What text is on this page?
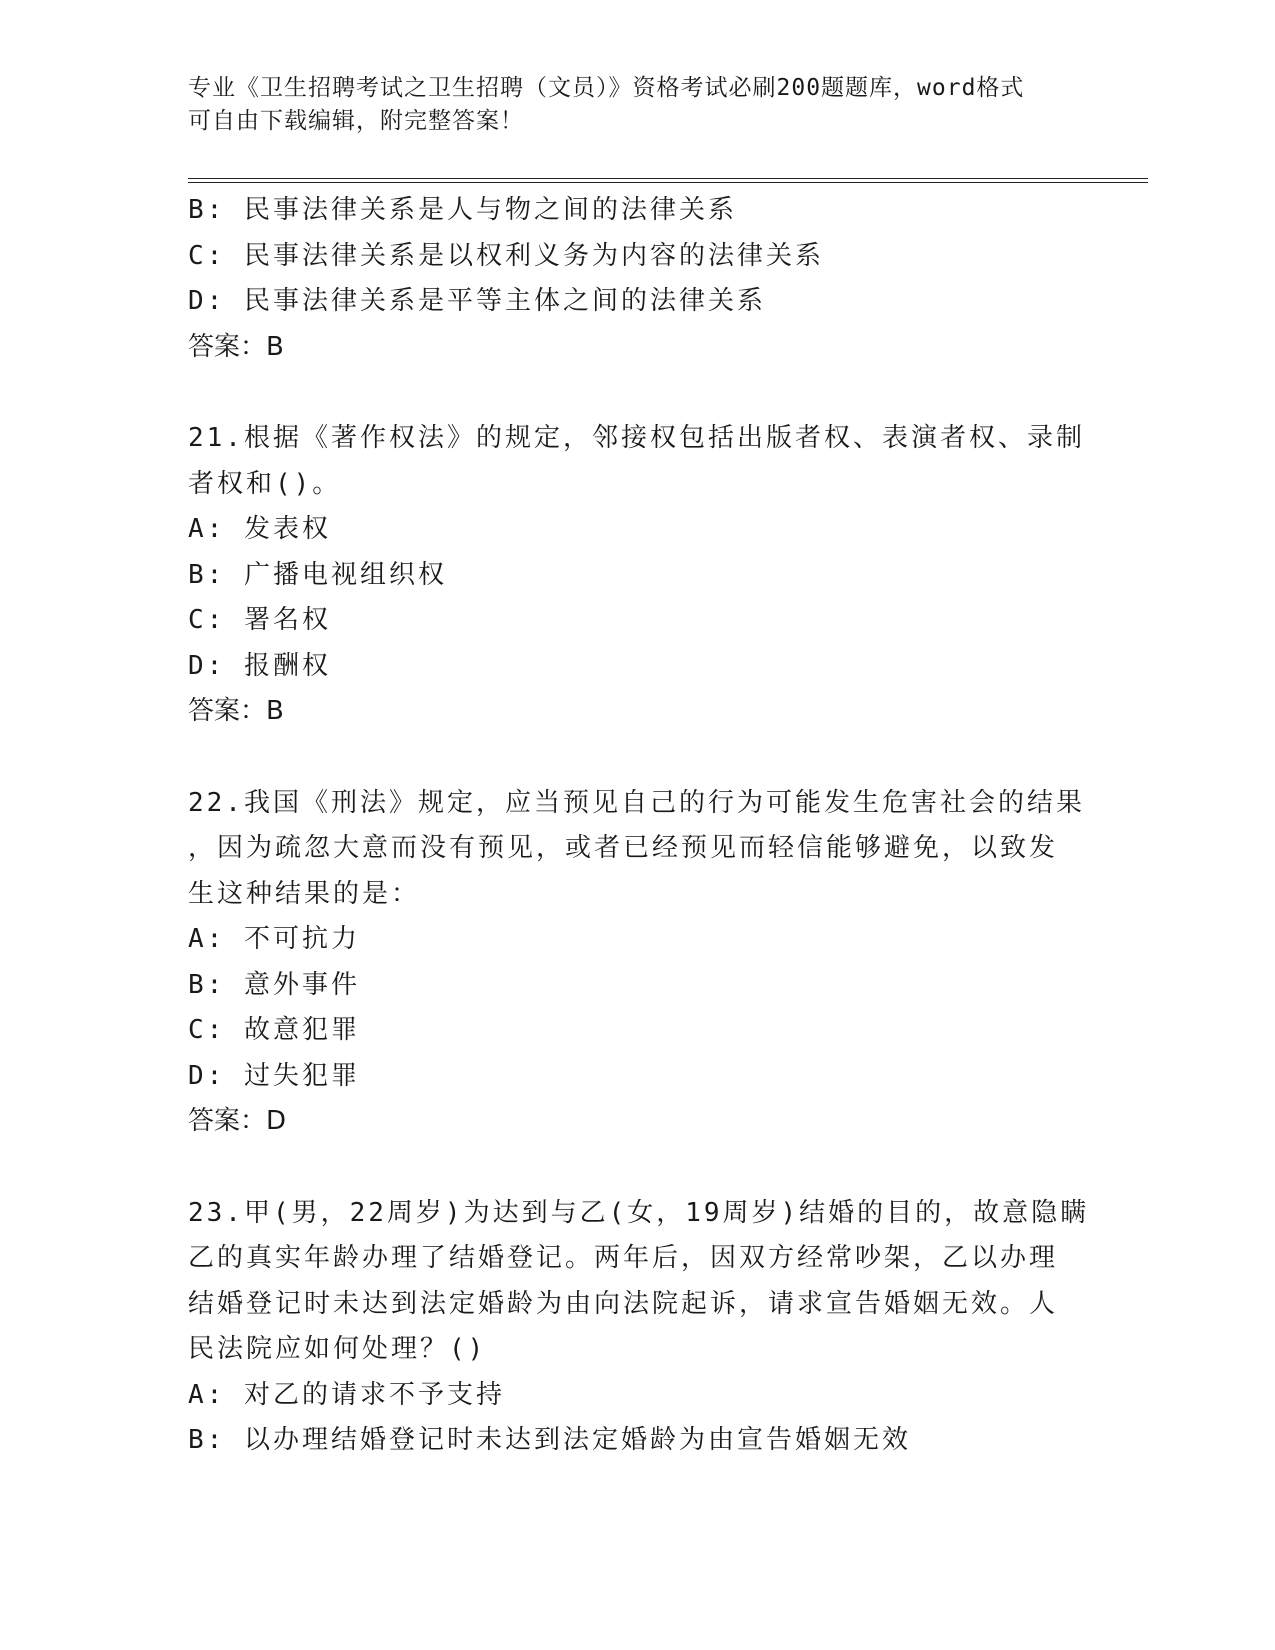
专业《卫生招聘考试之卫生招聘（文员）》资格考试必刷200题题库，word格式
可自由下载编辑，附完整答案！
B: 民事法律关系是人与物之间的法律关系
C: 民事法律关系是以权利义务为内容的法律关系
D: 民事法律关系是平等主体之间的法律关系
答案：B
21.根据《著作权法》的规定，邻接权包括出版者权、表演者权、录制
者权和()。
A: 发表权
B: 广播电视组织权
C: 署名权
D: 报酬权
答案：B
22.我国《刑法》规定，应当预见自己的行为可能发生危害社会的结果
，因为疏忽大意而没有预见，或者已经预见而轻信能够避免，以致发
生这种结果的是：
A: 不可抗力
B: 意外事件
C: 故意犯罪
D: 过失犯罪
答案：D
23.甲(男，22周岁)为达到与乙(女，19周岁)结婚的目的，故意隐瞒
乙的真实年龄办理了结婚登记。两年后，因双方经常吵架，乙以办理
结婚登记时未达到法定婚龄为由向法院起诉，请求宣告婚姻无效。人
民法院应如何处理？()
A: 对乙的请求不予支持
B: 以办理结婚登记时未达到法定婚龄为由宣告婚姻无效
